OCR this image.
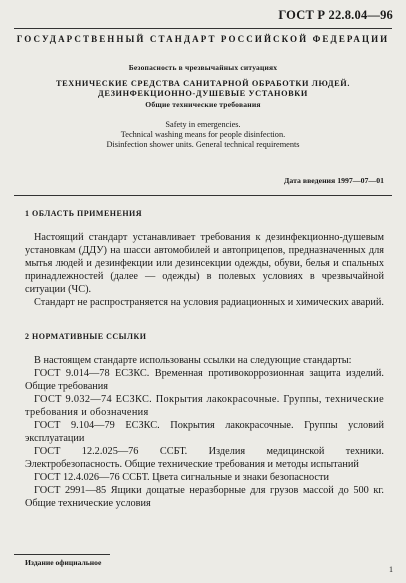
ГОСТ Р 22.8.04—96
ГОСУДАРСТВЕННЫЙ СТАНДАРТ РОССИЙСКОЙ ФЕДЕРАЦИИ
Безопасность в чрезвычайных ситуациях
ТЕХНИЧЕСКИЕ СРЕДСТВА САНИТАРНОЙ ОБРАБОТКИ ЛЮДЕЙ.
ДЕЗИНФЕКЦИОННО-ДУШЕВЫЕ УСТАНОВКИ
Общие технические требования
Safety in emergencies.
Technical washing means for people disinfection.
Disinfection shower units. General technical requirements
Дата введения 1997—07—01
1 ОБЛАСТЬ ПРИМЕНЕНИЯ

Настоящий стандарт устанавливает требования к дезинфекционно-душевым установкам (ДДУ) на шасси автомобилей и автоприцепов, предназначенных для мытья людей и дезинфекции или дезинсекции одежды, обуви, белья и спальных принадлежностей (далее — одежды) в полевых условиях в чрезвычайной ситуации (ЧС).

Стандарт не распространяется на условия радиационных и химических аварий.

2 НОРМАТИВНЫЕ ССЫЛКИ

В настоящем стандарте использованы ссылки на следующие стандарты:

ГОСТ 9.014—78 ЕСЗКС. Временная противокоррозионная защита изделий. Общие требования

ГОСТ 9.032—74 ЕСЗКС. Покрытия лакокрасочные. Группы, технические требования и обозначения

ГОСТ 9.104—79 ЕСЗКС. Покрытия лакокрасочные. Группы условий эксплуатации

ГОСТ 12.2.025—76 ССБТ. Изделия медицинской техники. Электробезопасность. Общие технические требования и методы испытаний

ГОСТ 12.4.026—76 ССБТ. Цвета сигнальные и знаки безопасности

ГОСТ 2991—85 Ящики дощатые неразборные для грузов массой до 500 кг. Общие технические условия

Издание официальное
1
